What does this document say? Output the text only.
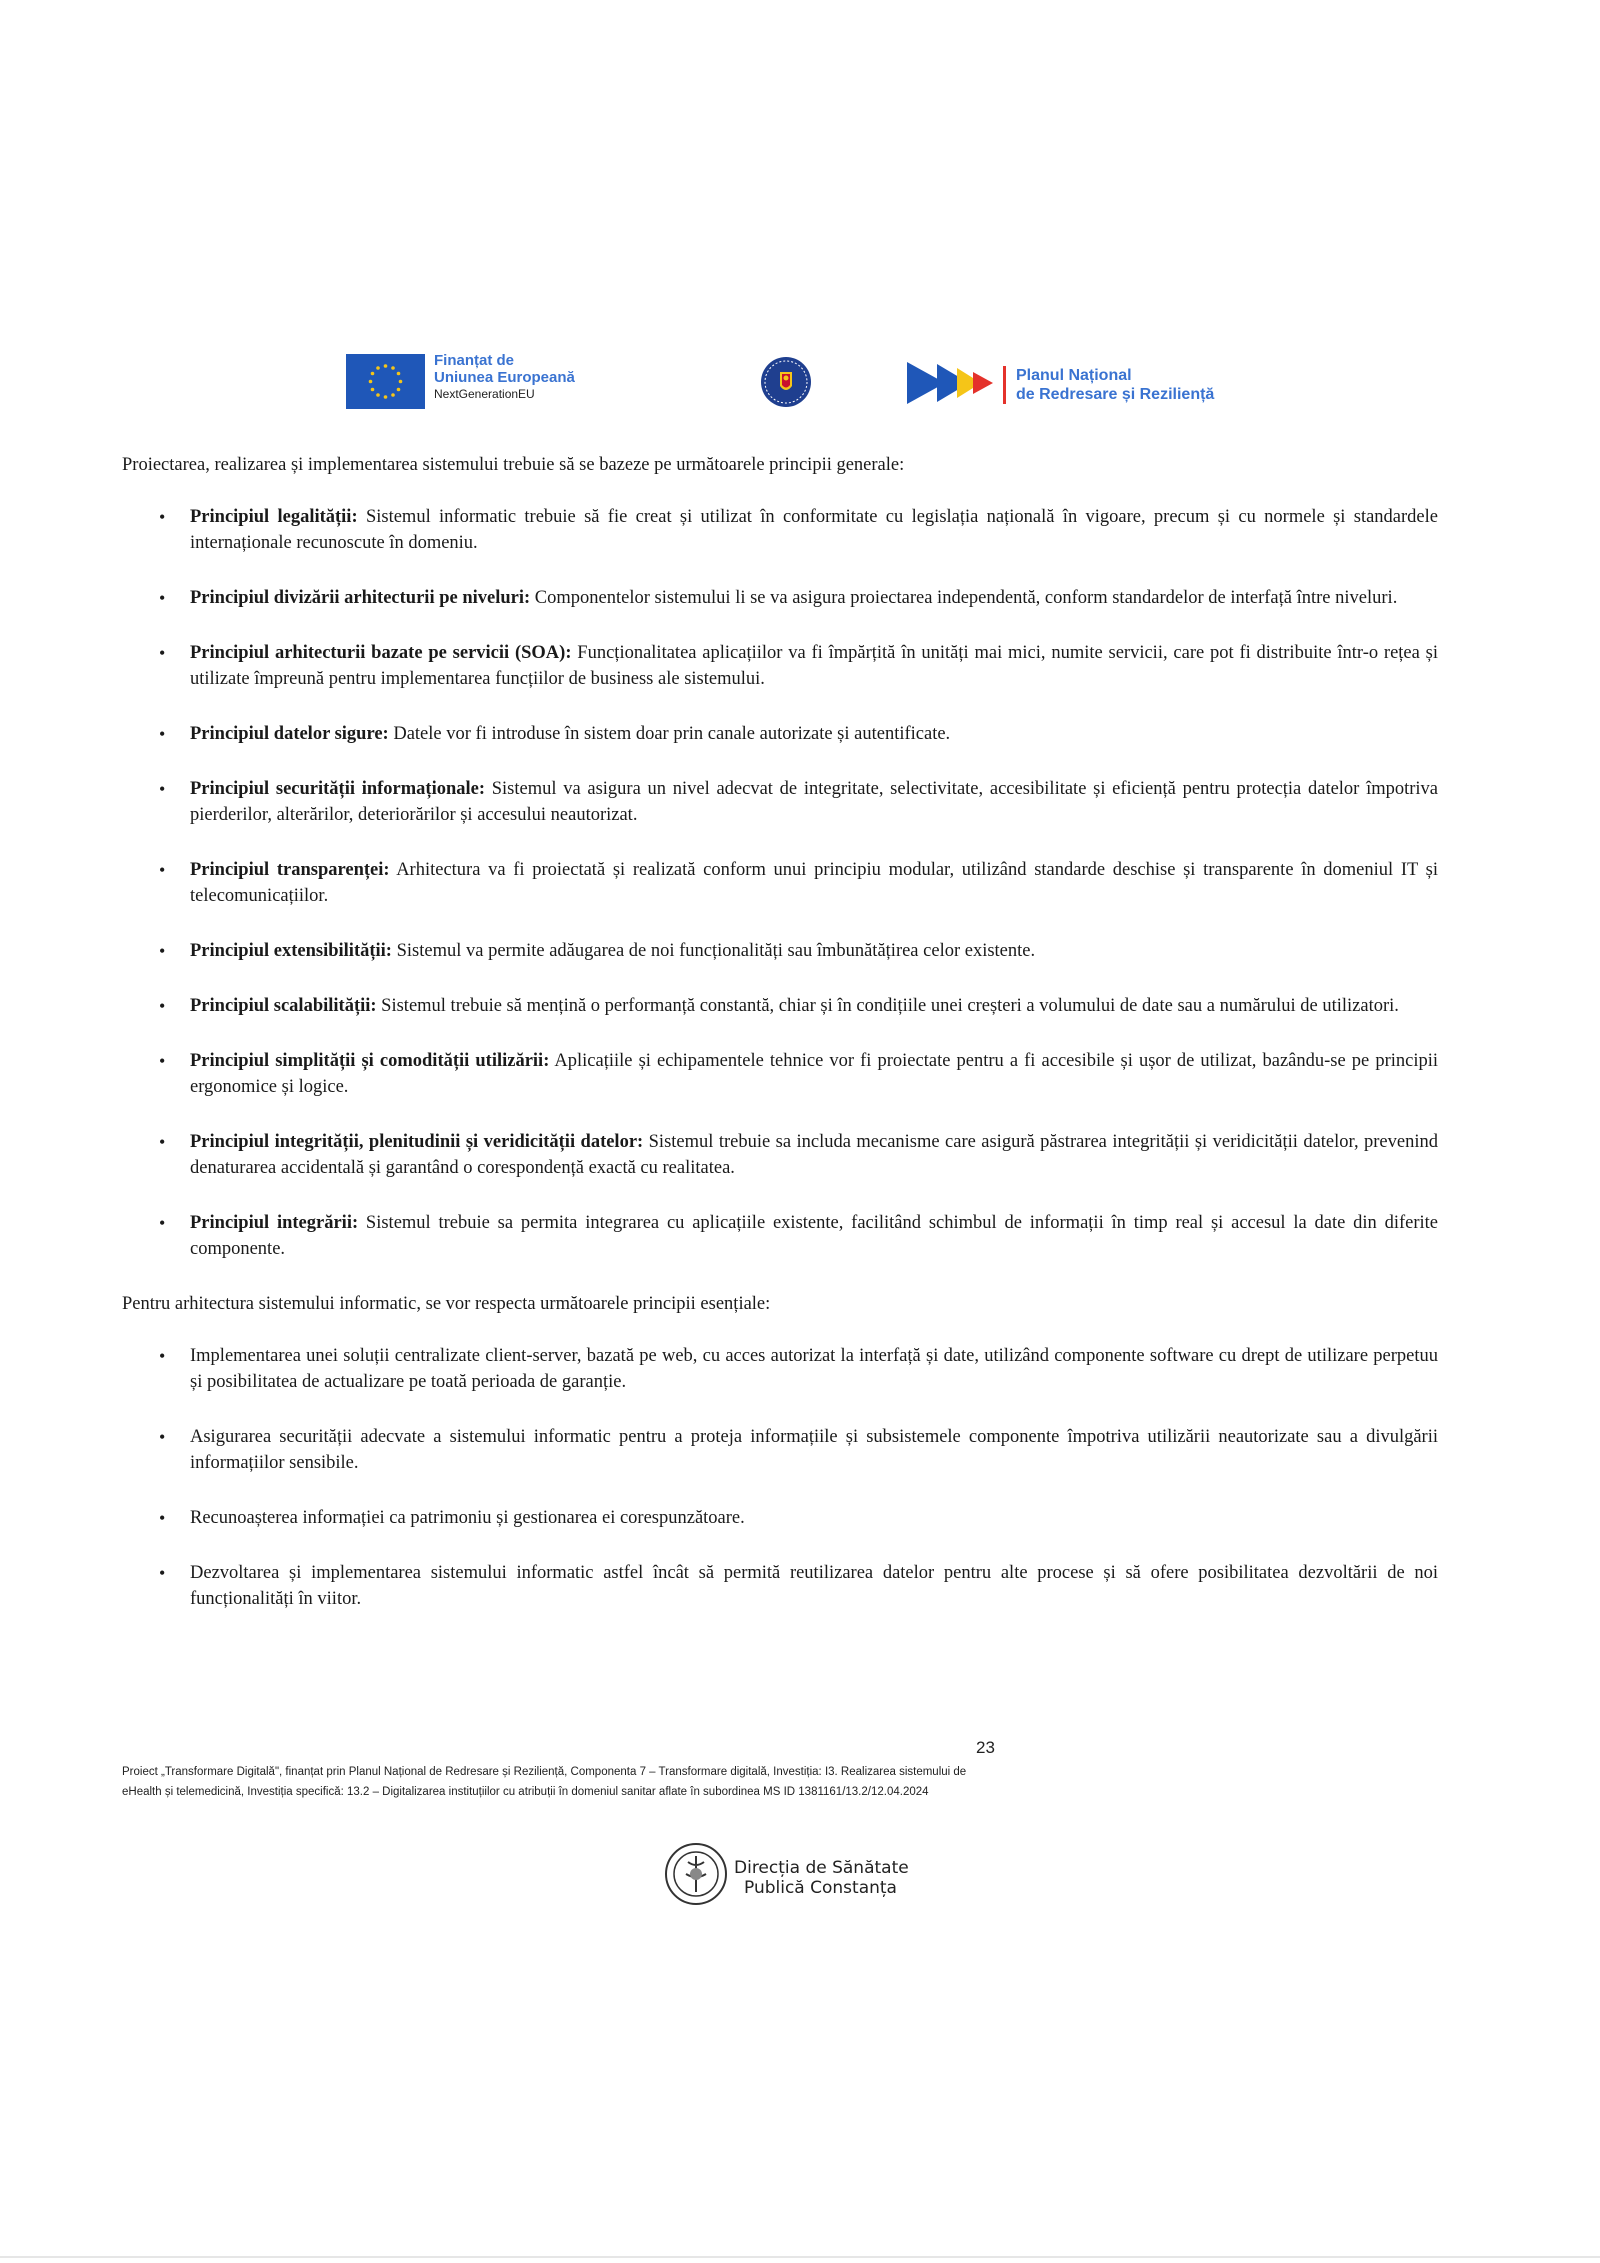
Finanțat de
Uniunea Europeană
NextGenerationEU
Planul Național
de Redresare și Reziliență

Proiectarea, realizarea și implementarea sistemului trebuie să se bazeze pe următoarele principii generale:

• Principiul legalității: Sistemul informatic trebuie să fie creat și utilizat în conformitate cu legislația națională în vigoare, precum și cu normele și standardele internaționale recunoscute în domeniu.
• Principiul divizării arhitecturii pe niveluri: Componentelor sistemului li se va asigura proiectarea independentă, conform standardelor de interfață între niveluri.
• Principiul arhitecturii bazate pe servicii (SOA): Funcționalitatea aplicațiilor va fi împărțită în unități mai mici, numite servicii, care pot fi distribuite într-o rețea și utilizate împreună pentru implementarea funcțiilor de business ale sistemului.
• Principiul datelor sigure: Datele vor fi introduse în sistem doar prin canale autorizate și autentificate.
• Principiul securității informaționale: Sistemul va asigura un nivel adecvat de integritate, selectivitate, accesibilitate și eficiență pentru protecția datelor împotriva pierderilor, alterărilor, deteriorărilor și accesului neautorizat.
• Principiul transparenței: Arhitectura va fi proiectată și realizată conform unui principiu modular, utilizând standarde deschise și transparente în domeniul IT și telecomunicațiilor.
• Principiul extensibilității: Sistemul va permite adăugarea de noi funcționalități sau îmbunătățirea celor existente.
• Principiul scalabilității: Sistemul trebuie să mențină o performanță constantă, chiar și în condițiile unei creșteri a volumului de date sau a numărului de utilizatori.
• Principiul simplității și comodității utilizării: Aplicațiile și echipamentele tehnice vor fi proiectate pentru a fi accesibile și ușor de utilizat, bazându-se pe principii ergonomice și logice.
• Principiul integrității, plenitudinii și veridicității datelor: Sistemul trebuie sa includa mecanisme care asigură păstrarea integrității și veridicității datelor, prevenind denaturarea accidentală și garantând o corespondență exactă cu realitatea.
• Principiul integrării: Sistemul trebuie sa permita integrarea cu aplicațiile existente, facilitând schimbul de informații în timp real și accesul la date din diferite componente.

Pentru arhitectura sistemului informatic, se vor respecta următoarele principii esențiale:

• Implementarea unei soluții centralizate client-server, bazată pe web, cu acces autorizat la interfață și date, utilizând componente software cu drept de utilizare perpetuu și posibilitatea de actualizare pe toată perioada de garanție.
• Asigurarea securității adecvate a sistemului informatic pentru a proteja informațiile și subsistemele componente împotriva utilizării neautorizate sau a divulgării informațiilor sensibile.
• Recunoașterea informației ca patrimoniu și gestionarea ei corespunzătoare.
• Dezvoltarea și implementarea sistemului informatic astfel încât să permită reutilizarea datelor pentru alte procese și să ofere posibilitatea dezvoltării de noi funcționalități în viitor.
23
Proiect „Transformare Digitală", finanțat prin Planul Național de Redresare și Reziliență, Componenta 7 – Transformare digitală, Investiția: I3. Realizarea sistemului de eHealth și telemedicină, Investiția specifică: 13.2 – Digitalizarea instituțiilor cu atribuții în domeniul sanitar aflate în subordinea MS ID 1381161/13.2/12.04.2024
Direcția de Sănătate
Publică Constanța
